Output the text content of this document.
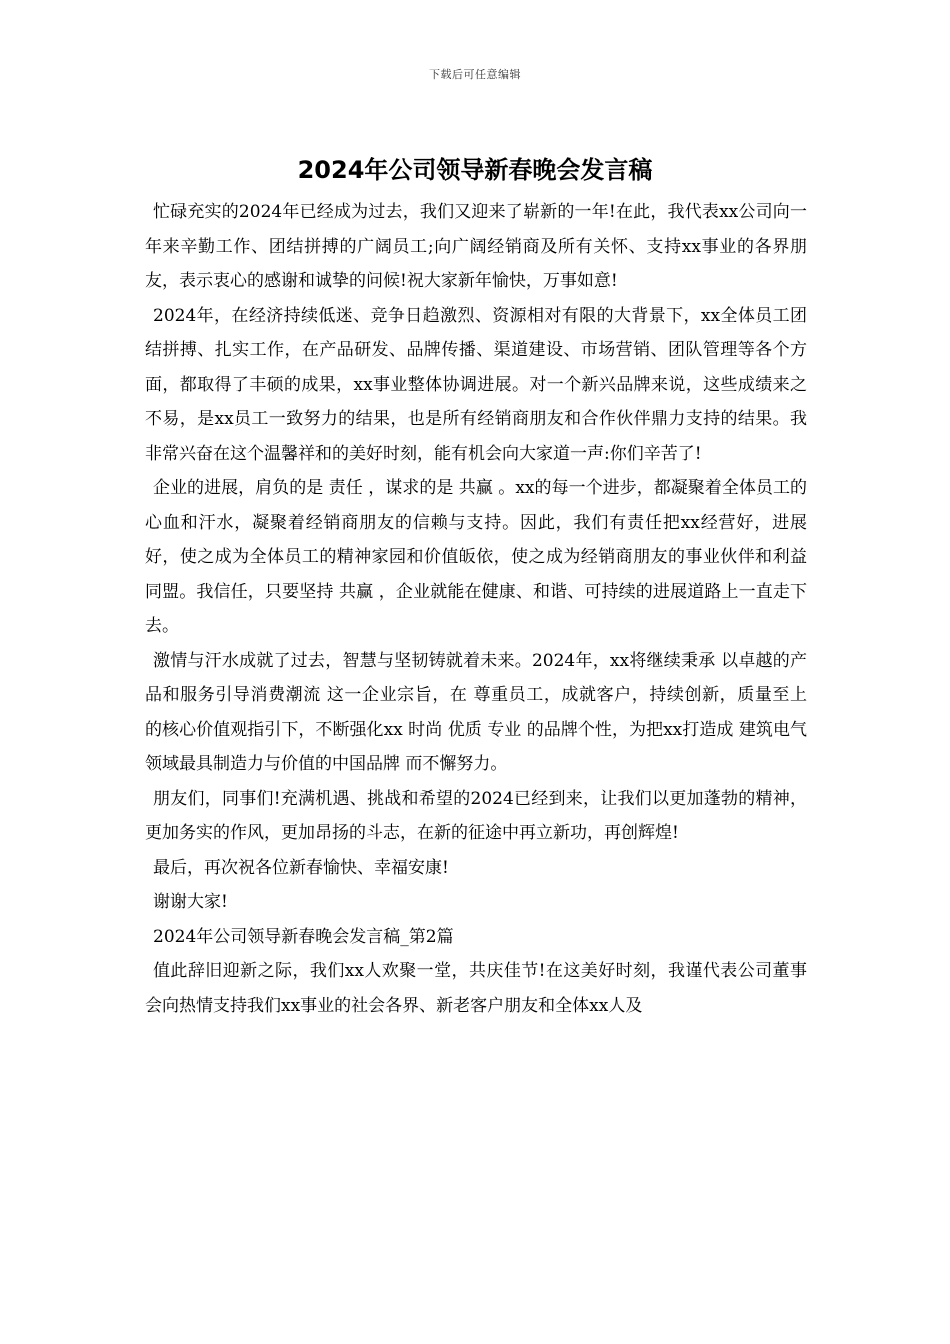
下载后可任意编辑
2024年公司领导新春晚会发言稿

忙碌充实的2024年已经成为过去，我们又迎来了崭新的一年!在此，我代表xx公司向一年来辛勤工作、团结拼搏的广阔员工;向广阔经销商及所有关怀、支持xx事业的各界朋友，表示衷心的感谢和诚挚的问候!祝大家新年愉快，万事如意!

2024年，在经济持续低迷、竞争日趋激烈、资源相对有限的大背景下，xx全体员工团结拼搏、扎实工作，在产品研发、品牌传播、渠道建设、市场营销、团队管理等各个方面，都取得了丰硕的成果，xx事业整体协调进展。对一个新兴品牌来说，这些成绩来之不易，是xx员工一致努力的结果，也是所有经销商朋友和合作伙伴鼎力支持的结果。我非常兴奋在这个温馨祥和的美好时刻，能有机会向大家道一声:你们辛苦了!

企业的进展，肩负的是 责任 ，谋求的是 共赢 。xx的每一个进步，都凝聚着全体员工的心血和汗水，凝聚着经销商朋友的信赖与支持。因此，我们有责任把xx经营好，进展好，使之成为全体员工的精神家园和价值皈依，使之成为经销商朋友的事业伙伴和利益同盟。我信任，只要坚持 共赢 ，企业就能在健康、和谐、可持续的进展道路上一直走下去。

激情与汗水成就了过去，智慧与坚韧铸就着未来。2024年，xx将继续秉承 以卓越的产品和服务引导消费潮流 这一企业宗旨，在 尊重员工，成就客户，持续创新，质量至上 的核心价值观指引下，不断强化xx 时尚 优质 专业 的品牌个性，为把xx打造成 建筑电气领域最具制造力与价值的中国品牌 而不懈努力。

朋友们，同事们!充满机遇、挑战和希望的2024已经到来，让我们以更加蓬勃的精神，更加务实的作风，更加昂扬的斗志，在新的征途中再立新功，再创辉煌!

最后，再次祝各位新春愉快、幸福安康!

谢谢大家!

2024年公司领导新春晚会发言稿_第2篇

值此辞旧迎新之际，我们xx人欢聚一堂，共庆佳节!在这美好时刻，我谨代表公司董事会向热情支持我们xx事业的社会各界、新老客户朋友和全体xx人及
